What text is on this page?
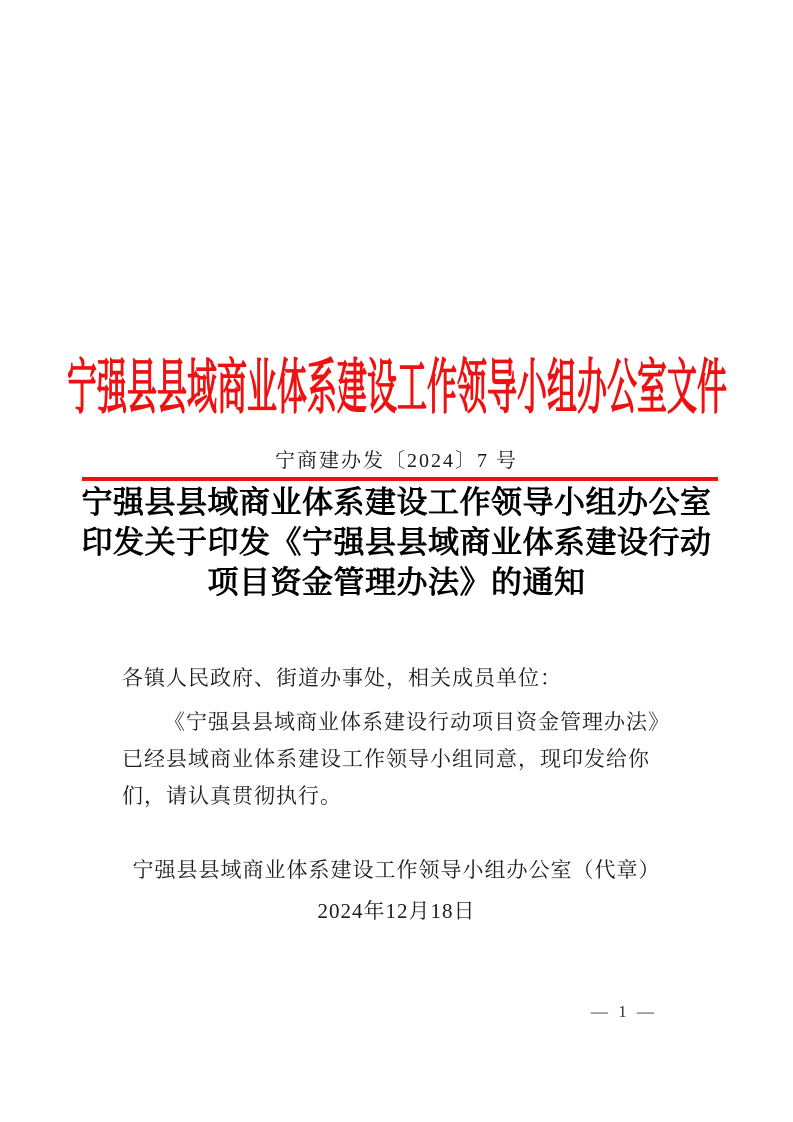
宁强县县域商业体系建设工作领导小组办公室文件
宁商建办发〔2024〕7 号
宁强县县域商业体系建设工作领导小组办公室
印发关于印发《宁强县县域商业体系建设行动
项目资金管理办法》的通知
各镇人民政府、街道办事处，相关成员单位：
《宁强县县域商业体系建设行动项目资金管理办法》
已经县域商业体系建设工作领导小组同意，现印发给你
们，请认真贯彻执行。
宁强县县域商业体系建设工作领导小组办公室（代章）
2024年12月18日
— 1 —
